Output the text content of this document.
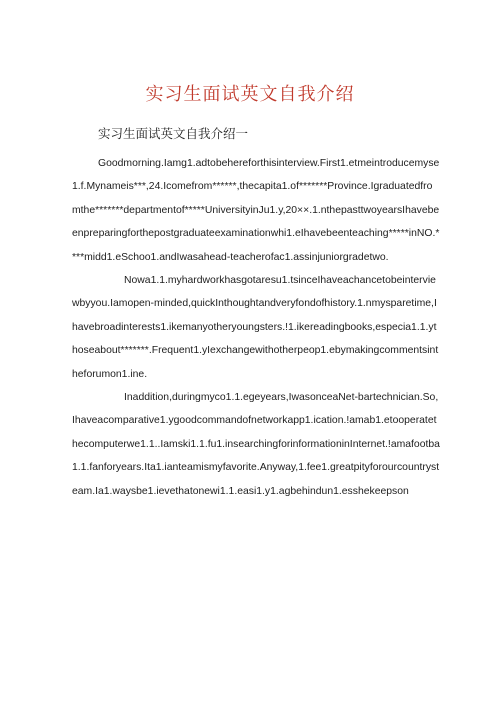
实习生面试英文自我介绍

实习生面试英文自我介绍一

Goodmorning.Iamg1.adtobehereforthisinterview.First1.etmeintroducemyse1.f.Mynameis***,24.Icomefrom******,thecapita1.of*******Province.Igraduatedfromthe*******departmentof*****UniversityinJu1.y,20××.1.nthepasttwoyearsIhavebeenpreparingforthepostgraduateexaminationwhi1.eIhavebeenteaching*****inNO.****midd1.eSchoo1.andIwasahead-teacherofac1.assinjuniorgradetwo.

Nowa1.1.myhardworkhasgotaresu1.tsinceIhaveachancetobeinterviewbyyou.Iamopen-minded,quickInthoughtandveryfondofhistory.1.nmysparetime,Ihavebroadinterests1.ikemanyotheryoungsters.!1.ikereadingbooks,especia1.1.ythoseabout*******.Frequent1.yIexchangewithotherpeop1.ebymakingcommentsintheforumon1.ine.

Inaddition,duringmyco1.1.egeyears,IwasonceaNet-bartechnician.So,Ihaveacomparative1.ygoodcommandofnetworkapp1.ication.!amab1.etooperatethecomputerwe1.1..Iamski1.1.fu1.insearchingforinformationinInternet.!amafootba1.1.fanforyears.Ita1.ianteamismyfavorite.Anyway,1.fee1.greatpityforourcountrysteam.Ia1.waysbe1.ievethatonewi1.1.easi1.y1.agbehindun1.esshekeepson
